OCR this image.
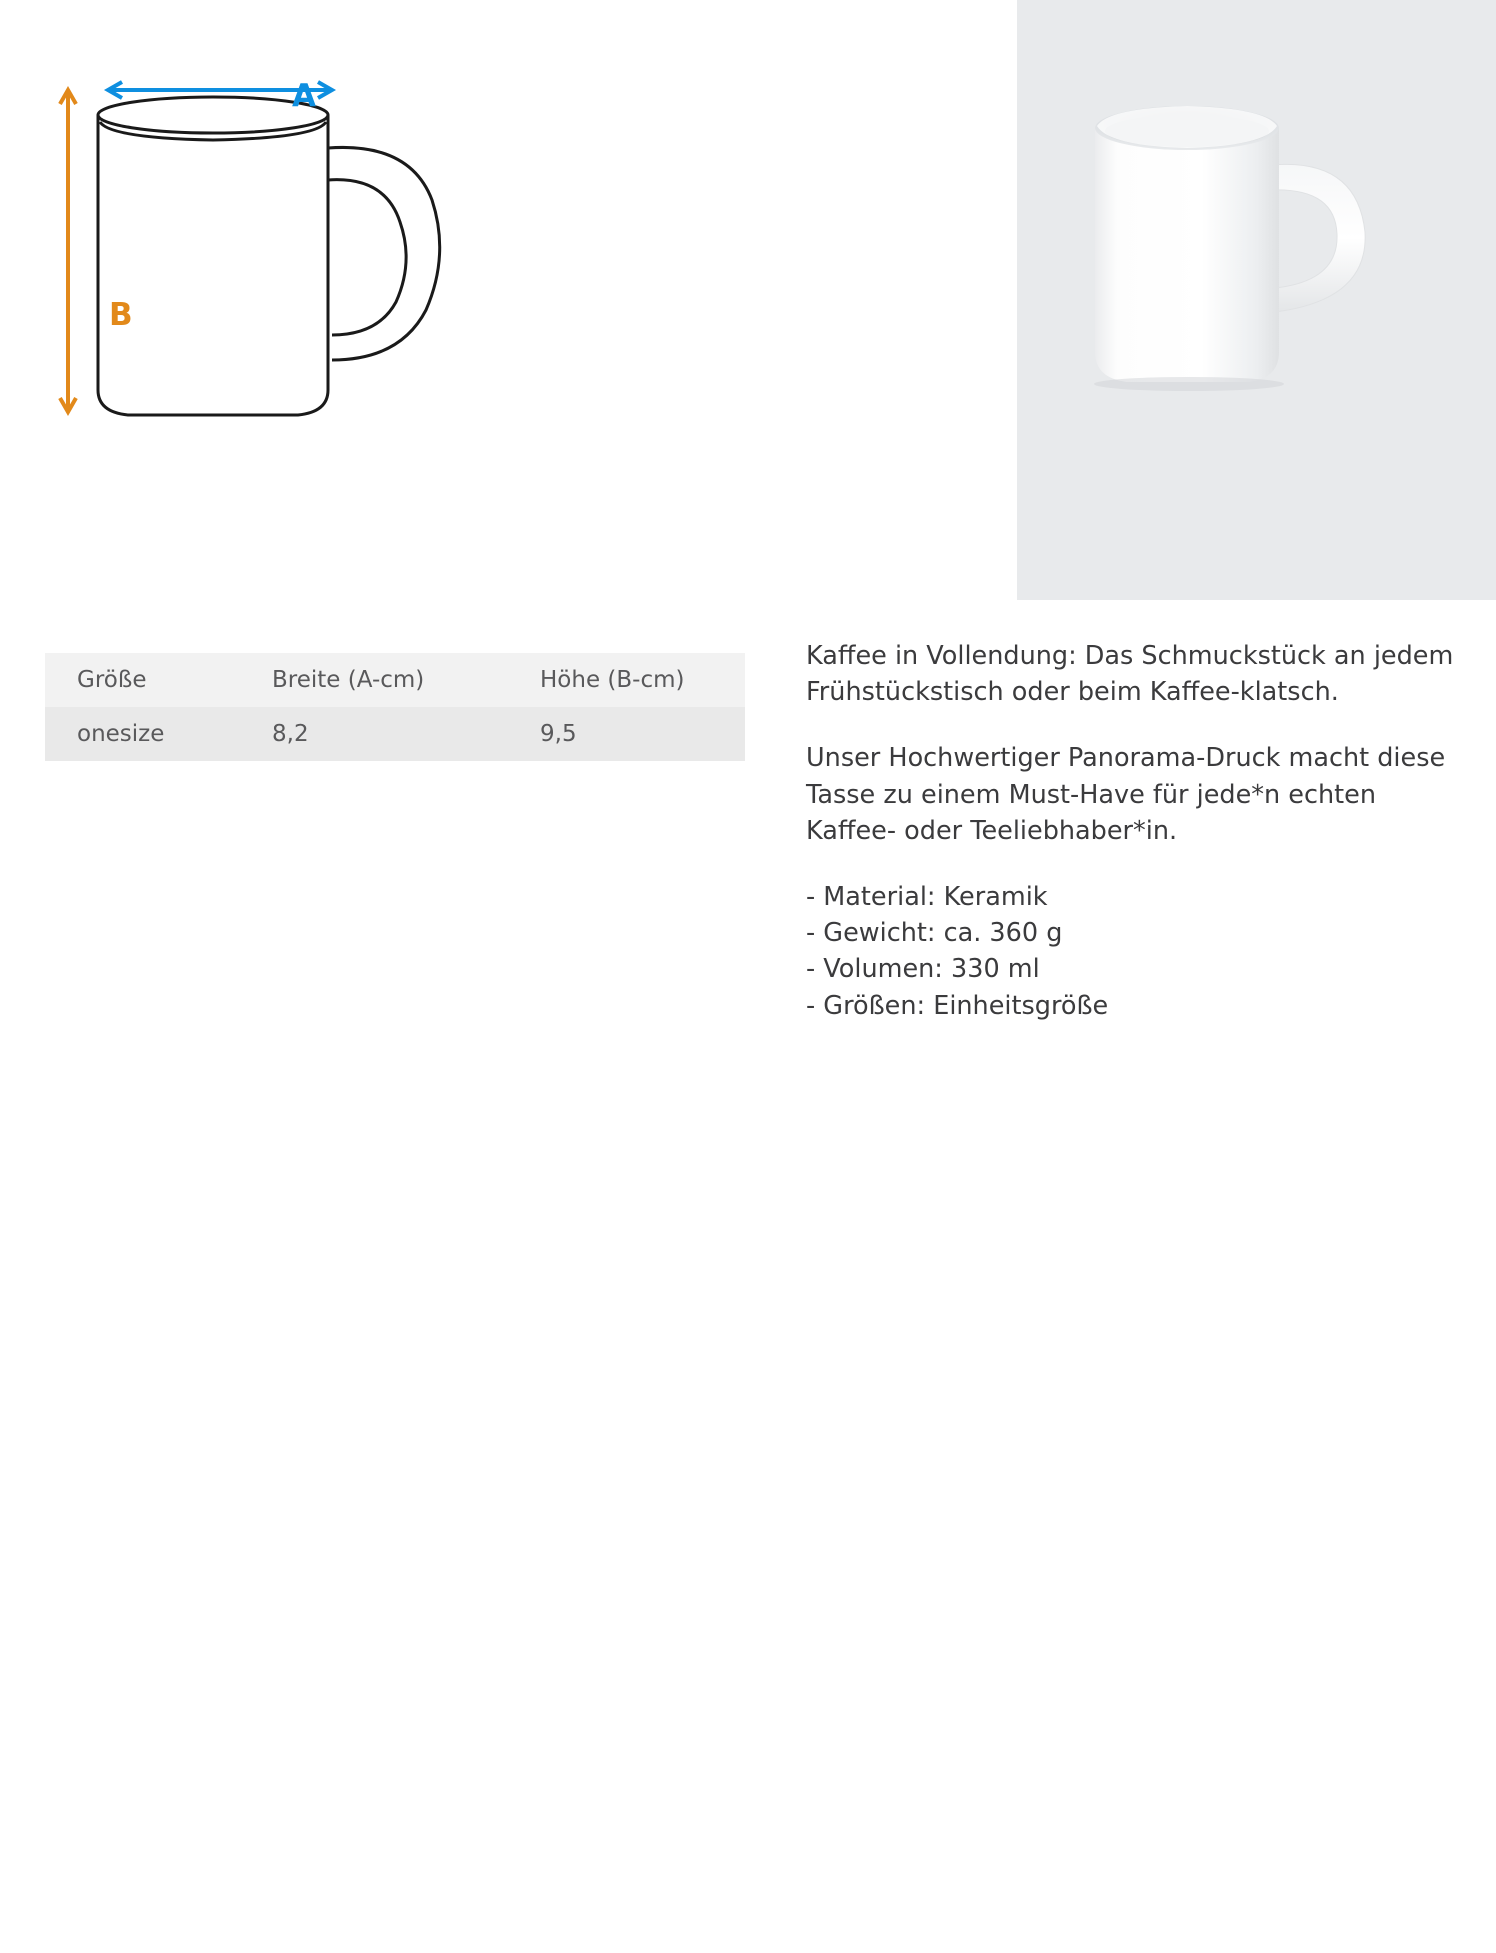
A
B
Größe	Breite (A-cm)	Höhe (B-cm)
onesize	8,2	9,5

Kaffee in Vollendung: Das Schmuckstück an jedem Frühstückstisch oder beim Kaffee-klatsch.

Unser Hochwertiger Panorama-Druck macht diese Tasse zu einem Must-Have für jede*n echten Kaffee- oder Teeliebhaber*in.

- Material: Keramik

- Gewicht: ca. 360 g

- Volumen: 330 ml

- Größen: Einheitsgröße
